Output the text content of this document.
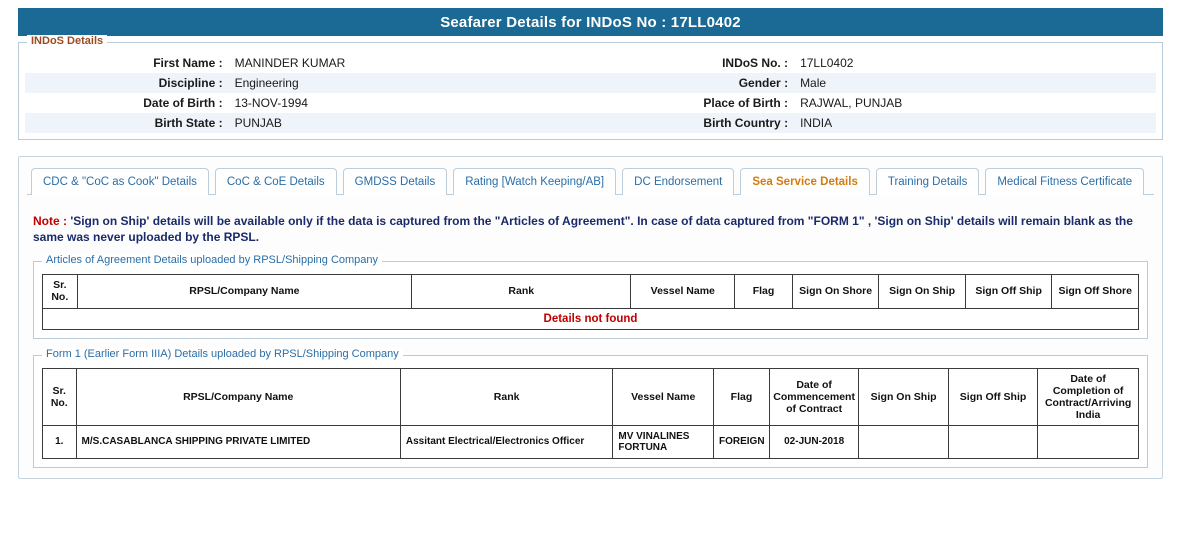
Seafarer Details for INDoS No : 17LL0402
INDoS Details
First Name :	MANINDER KUMAR	INDoS No. :	17LL0402
Discipline :	Engineering	Gender :	Male
Date of Birth :	13-NOV-1994	Place of Birth :	RAJWAL, PUNJAB
Birth State :	PUNJAB	Birth Country :	INDIA
CDC & "CoC as Cook" Details	CoC & CoE Details	GMDSS Details	Rating [Watch Keeping/AB]	DC Endorsement	Sea Service Details	Training Details	Medical Fitness Certificate
Note : 'Sign on Ship' details will be available only if the data is captured from the "Articles of Agreement". In case of data captured from "FORM 1" , 'Sign on Ship' details will remain blank as the same was never uploaded by the RPSL.
Articles of Agreement Details uploaded by RPSL/Shipping Company
Sr. No.	RPSL/Company Name	Rank	Vessel Name	Flag	Sign On Shore	Sign On Ship	Sign Off Ship	Sign Off Shore
Details not found
Form 1 (Earlier Form IIIA) Details uploaded by RPSL/Shipping Company
Sr. No.	RPSL/Company Name	Rank	Vessel Name	Flag	Date of Commencement of Contract	Sign On Ship	Sign Off Ship	Date of Completion of Contract/Arriving India
1.	M/S.CASABLANCA SHIPPING PRIVATE LIMITED	Assitant Electrical/Electronics Officer	MV VINALINES FORTUNA	FOREIGN	02-JUN-2018			
